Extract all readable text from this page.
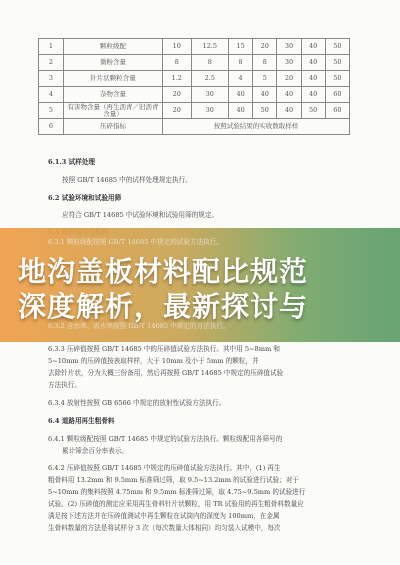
1	颗粒级配	10	12.5	15	20	30	40	50
2	微粉含量	8	8	8	8	30	40	50
3	针片状颗粒含量	1.2	2.5	4	5	20	40	50
4	杂物含量	20	30	40	40	40	40	60
5	有害物含量（再生沥青／旧沥青含量）	20	30	40	50	40	50	60
6	压碎指标	按照试验结果的实收数取样样						
6.1.3 试样处理
按照 GB/T 14685 中的试样处理规定执行。
6.2 试验环境和试验用筛
应符合 GB/T 14685 中试验环境和试验用筛的规定。
6.3.1 颗粒级配按照 GB/T 14685 中规定的试验方法执行。
6.3.2 含水率、吸水率按照 GB/T 14685 中规定的方法执行。
地沟盖板材料配比规范
深度解析，最新探讨与
6.3.3 压碎值按照 GB/T 14685 中的压碎值试验方法执行。其中用 5~8mm 和
5~10mm 的压碎值按表取样样，大于 10mm 及小于 5mm 的颗粒，并
去除针片状，分为大概三份备用，然后再按照 GB/T 14685 中规定的压碎值试验
方法执行。
6.3.4 放射性按照 GB 6566 中规定的放射性试验方法执行。
6.4 道路用再生粗骨料
6.4.1 颗粒级配按照 GB/T 14685 中规定的试验方法执行。颗粒级配用各筛号的
累计筛余百分率表示。
6.4.2 压碎值按照 GB/T 14685 中规定的压碎值试验方法执行。其中，(1) 再生
粗骨料用 13.2mm 和 9.5mm 标准筛过筛，取 9.5~13.2mm 的试验进行试验；对于
5~10mm 的集料按照 4.75mm 和 9.5mm 标准筛过筛，取 4.75~9.5mm 的试验进行
试验。(2) 压碎值的测定应采用再生骨料针片状颗粒，用 TR 试验用的再生粗骨料数量应
满足按下述方法并在压碎值测试中再生颗粒在试筒内的深度为 100mm，在金属
生骨料数量的方法是将试样分 3 次（每次数量大体相同）均匀装入试模中，每次
